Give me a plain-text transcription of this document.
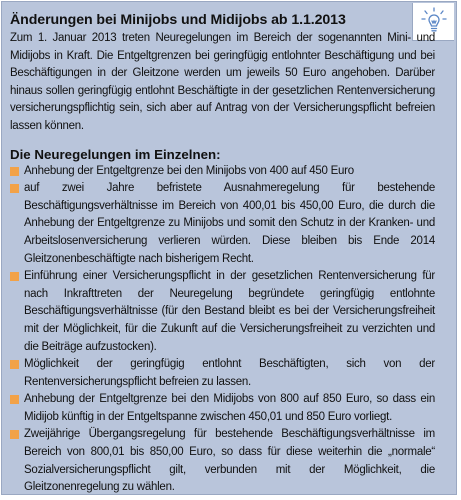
Änderungen bei Minijobs und Midijobs ab 1.1.2013

Zum 1. Januar 2013 treten Neuregelungen im Bereich der sogenannten Mini- und Midijobs in Kraft. Die Entgeltgrenzen bei geringfügig entlohnter Beschäftigung und bei Beschäftigungen in der Gleitzone werden um jeweils 50 Euro angehoben. Darüber hinaus sollen geringfügig entlohnt Beschäftigte in der gesetzlichen Rentenversicherung versicherungspflichtig sein, sich aber auf Antrag von der Versicherungspflicht befreien lassen können.

Die Neuregelungen im Einzelnen:
Anhebung der Entgeltgrenze bei den Minijobs von 400 auf 450 Euro
auf zwei Jahre befristete Ausnahmeregelung für bestehende Beschäftigungsverhältnisse im Bereich von 400,01 bis 450,00 Euro, die durch die Anhebung der Entgeltgrenze zu Minijobs und somit den Schutz in der Kranken- und Arbeitslosenversicherung verlieren würden. Diese bleiben bis Ende 2014 Gleitzonenbeschäftigte nach bisherigem Recht.
Einführung einer Versicherungspflicht in der gesetzlichen Rentenversicherung für nach Inkrafttreten der Neuregelung begründete geringfügig entlohnte Beschäftigungsverhältnisse (für den Bestand bleibt es bei der Versicherungsfreiheit mit der Möglichkeit, für die Zukunft auf die Versicherungsfreiheit zu verzichten und die Beiträge aufzustocken).
Möglichkeit der geringfügig entlohnt Beschäftigten, sich von der Rentenversicherungspflicht befreien zu lassen.
Anhebung der Entgeltgrenze bei den Midijobs von 800 auf 850 Euro, so dass ein Midijob künftig in der Entgeltspanne zwischen 450,01 und 850 Euro vorliegt.
Zweijährige Übergangsregelung für bestehende Beschäftigungsverhältnisse im Bereich von 800,01 bis 850,00 Euro, so dass für diese weiterhin die „normale“ Sozialversicherungspflicht gilt, verbunden mit der Möglichkeit, die Gleitzonenregelung zu wählen.
